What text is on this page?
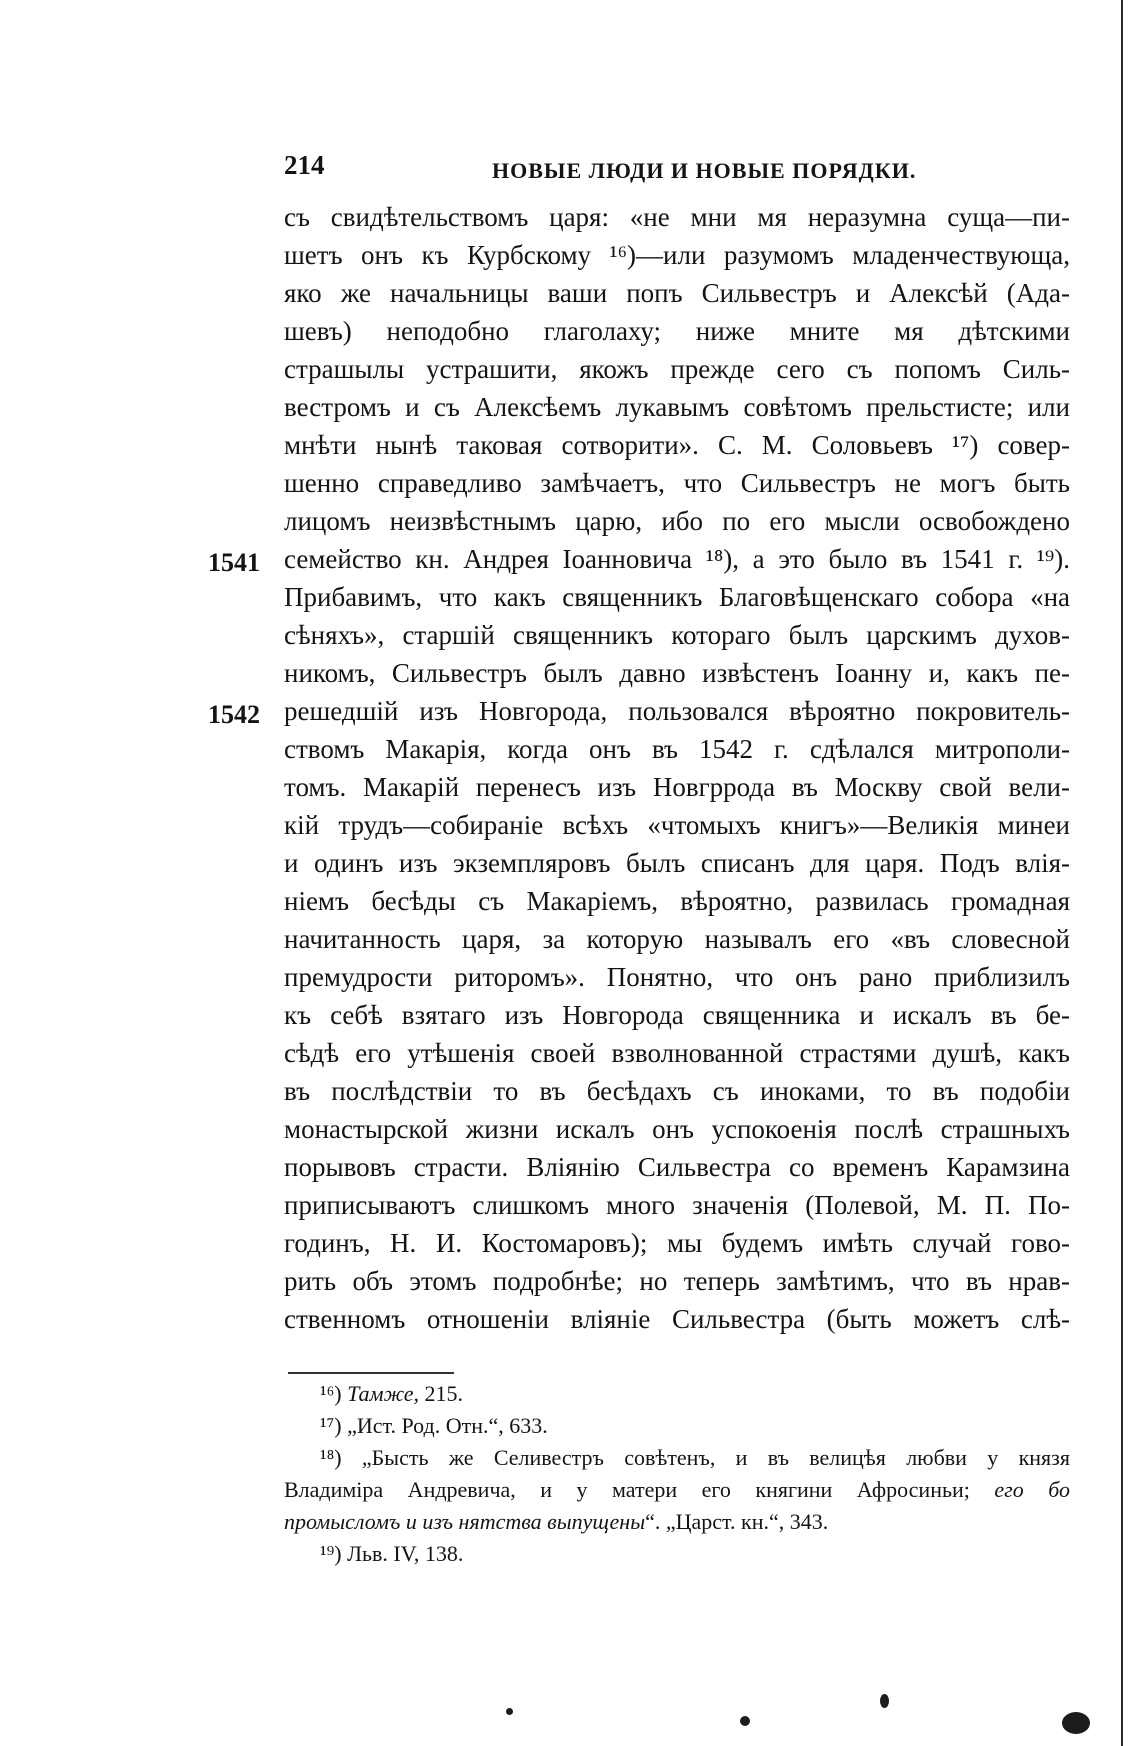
214	НОВЫЕ ЛЮДИ И НОВЫЕ ПОРЯДКИ.
1541
1542
съ свидѣтельствомъ царя: «не мни мя неразумна суща—пи-
шетъ онъ къ Курбскому ¹⁶)—или разумомъ младенчествующа,
яко же начальницы ваши попъ Сильвестръ и Алексѣй (Ада-
шевъ) неподобно глаголаху; ниже мните мя дѣтскими
страшылы устрашити, якожъ прежде сего съ попомъ Силь-
вестромъ и съ Алексѣемъ лукавымъ совѣтомъ прельстисте; или
мнѣти нынѣ таковая сотворити». С. М. Соловьевъ ¹⁷) совер-
шенно справедливо замѣчаетъ, что Сильвестръ не могъ быть
лицомъ неизвѣстнымъ царю, ибо по его мысли освобождено
семейство кн. Андрея Іоанновича ¹⁸), а это было въ 1541 г. ¹⁹).
Прибавимъ, что какъ священникъ Благовѣщенскаго собора «на
сѣняхъ», старшій священникъ котораго былъ царскимъ духов-
никомъ, Сильвестръ былъ давно извѣстенъ Іоанну и, какъ пе-
решедшій изъ Новгорода, пользовался вѣроятно покровитель-
ствомъ Макарія, когда онъ въ 1542 г. сдѣлался митрополи-
томъ. Макарій перенесъ изъ Новгррода въ Москву свой вели-
кій трудъ—собираніе всѣхъ «чтомыхъ книгъ»—Великія минеи
и одинъ изъ экземпляровъ былъ списанъ для царя. Подъ влія-
ніемъ бесѣды съ Макаріемъ, вѣроятно, развилась громадная
начитанность царя, за которую называлъ его «въ словесной
премудрости риторомъ». Понятно, что онъ рано приблизилъ
къ себѣ взятаго изъ Новгорода священника и искалъ въ бе-
сѣдѣ его утѣшенія своей взволнованной страстями душѣ, какъ
въ послѣдствіи то въ бесѣдахъ съ иноками, то въ подобіи
монастырской жизни искалъ онъ успокоенія послѣ страшныхъ
порывовъ страсти. Вліянію Сильвестра со временъ Карамзина
приписываютъ слишкомъ много значенія (Полевой, М. П. По-
годинъ, Н. И. Костомаровъ); мы будемъ имѣть случай гово-
рить объ этомъ подробнѣе; но теперь замѣтимъ, что въ нрав-
ственномъ отношеніи вліяніе Сильвестра (быть можетъ слѣ-
¹⁶) Тамже, 215.
¹⁷) „Ист. Род. Отн.“, 633.
¹⁸) „Бысть же Селивестръ совѣтенъ, и въ велицѣя любви у князя
Владиміра Андревича, и у матери его княгини Афросиньи; его бо
промысломъ и изъ нятства выпущены“. „Царст. кн.“, 343.
¹⁹) Льв. IV, 138.
